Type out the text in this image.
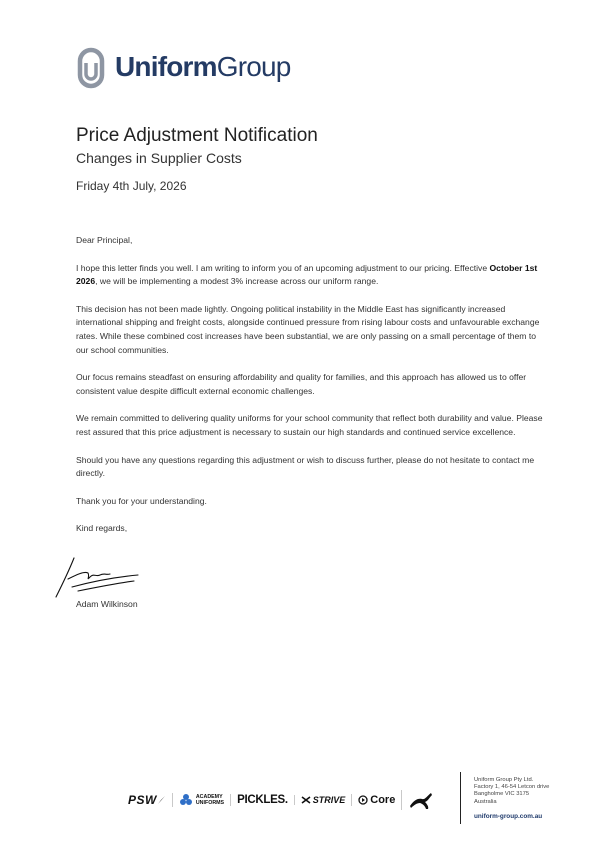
UniformGroup
Price Adjustment Notification
Changes in Supplier Costs
Friday 4th July, 2026

Dear Principal,

I hope this letter finds you well. I am writing to inform you of an upcoming adjustment to our pricing. Effective October 1st 2026, we will be implementing a modest 3% increase across our uniform range.

This decision has not been made lightly. Ongoing political instability in the Middle East has significantly increased international shipping and freight costs, alongside continued pressure from rising labour costs and unfavourable exchange rates. While these combined cost increases have been substantial, we are only passing on a small percentage of them to our school communities.

Our focus remains steadfast on ensuring affordability and quality for families, and this approach has allowed us to offer consistent value despite difficult external economic challenges.

We remain committed to delivering quality uniforms for your school community that reflect both durability and value. Please rest assured that this price adjustment is necessary to sustain our high standards and continued service excellence.

Should you have any questions regarding this adjustment or wish to discuss further, please do not hesitate to contact me directly.

Thank you for your understanding.

Kind regards,

Adam Wilkinson
PSW	ACADEMY
UNIFORMS	PICKLES.	STRIVE Core
Uniform Group Pty Ltd.
Factory 1, 46-54 Letcon drive
Bangholme VIC 3175
Australia
uniform-group.com.au
